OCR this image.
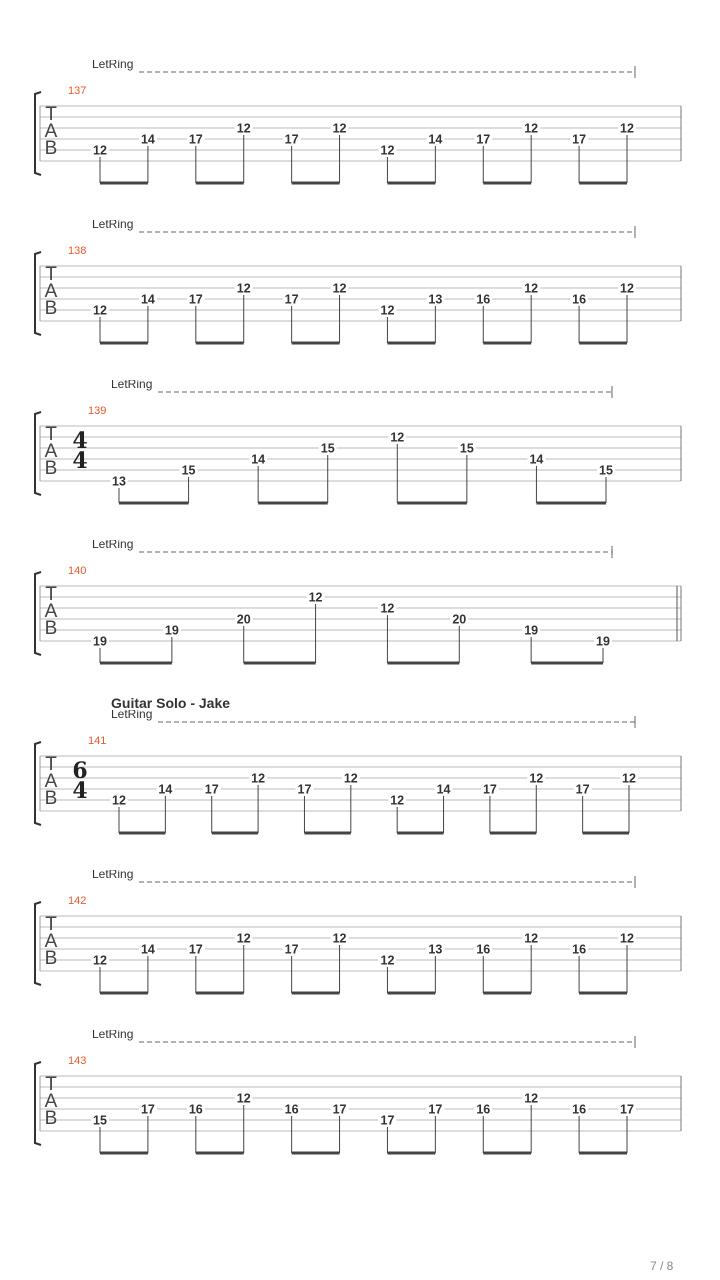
LetRing
137
T
A
B	12
14	17
12
17
12
12
14	17
12
17
12
LetRing
138
T
A
B	12
14	17
12
17
12
12
13	16
12
16
12
LetRing
139
T
A
B
4
4
13
15
14
15
12
15
14
15
LetRing
140
T
A
B
19
19
20
12
12
20
19
19
LetRing
141
T
A
B
6
4 12
14	17
12
17
12
12
14	17
12
17
12
LetRing
142
T
A
B	12
14	17
12
17
12
12
13	16
12
16
12
LetRing
143
T
A
B	15
17	16
12
16	17
17
17	16
12
16	17
Guitar Solo - Jake
7 / 8
